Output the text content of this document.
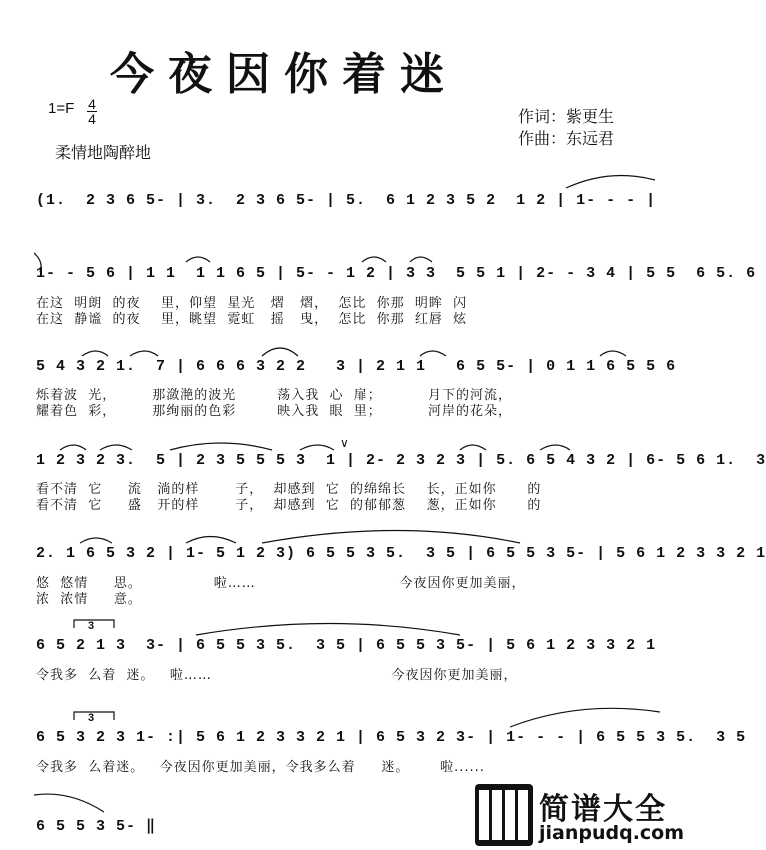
今夜因你着迷
1=F 4
4
柔情地陶醉地
作词：紫更生
作曲：东远君
(1.  2 3 6 5- | 3.  2 3 6 5- | 5.  6 1 2 3 5 2  1 2 | 1- - - |
1- - 5 6 | 1 1  1 1 6 5 | 5- - 1 2 | 3 3  5 5 1 | 2- - 3 4 | 5 5  6 5. 6
在这  明朗  的夜    里，仰望  星光   熠   熠，  怎比  你那  明眸  闪
在这  静谧  的夜    里，眺望  霓虹   摇   曳，  怎比  你那  红唇  炫
5 4 3 2 1.  7 | 6 6 6 3 2 2   3 | 2 1 1   6 5 5- | 0 1 1 6 5 5 6
烁着波  光，       那潋滟的波光        荡入我  心  扉；         月下的河流，
耀着色  彩，       那绚丽的色彩        映入我  眼  里；         河岸的花朵，
1 2 3 2 3.  5 | 2 3 5 5 5 3  1 | 2- 2 3 2 3 | 5. 6 5 4 3 2 | 6- 5 6 1.  3
看不清  它     流   淌的样       子，  却感到  它  的绵绵长    长，正如你      的
看不清  它     盛   开的样       子，  却感到  它  的郁郁葱    葱，正如你      的
∨
2. 1 6 5 3 2 | 1- 5 1 2 3) 6 5 5 3 5.  3 5 | 6 5 5 3 5- | 5 6 1 2 3 3 2 1
悠  悠情     思。              啦……                            今夜因你更加美丽，
浓  浓情     意。
3
6 5 2 1 3  3- | 6 5 5 3 5.  3 5 | 6 5 5 3 5- | 5 6 1 2 3 3 2 1
令我多  么着  迷。   啦……                                   今夜因你更加美丽，
3
6 5 3 2 3 1- :| 5 6 1 2 3 3 2 1 | 6 5 3 2 3- | 1- - - | 6 5 5 3 5.  3 5
令我多  么着迷。   今夜因你更加美丽，令我多么着     迷。      啦......
6 5 5 3 5- ‖	简谱大全
jianpudq.com
